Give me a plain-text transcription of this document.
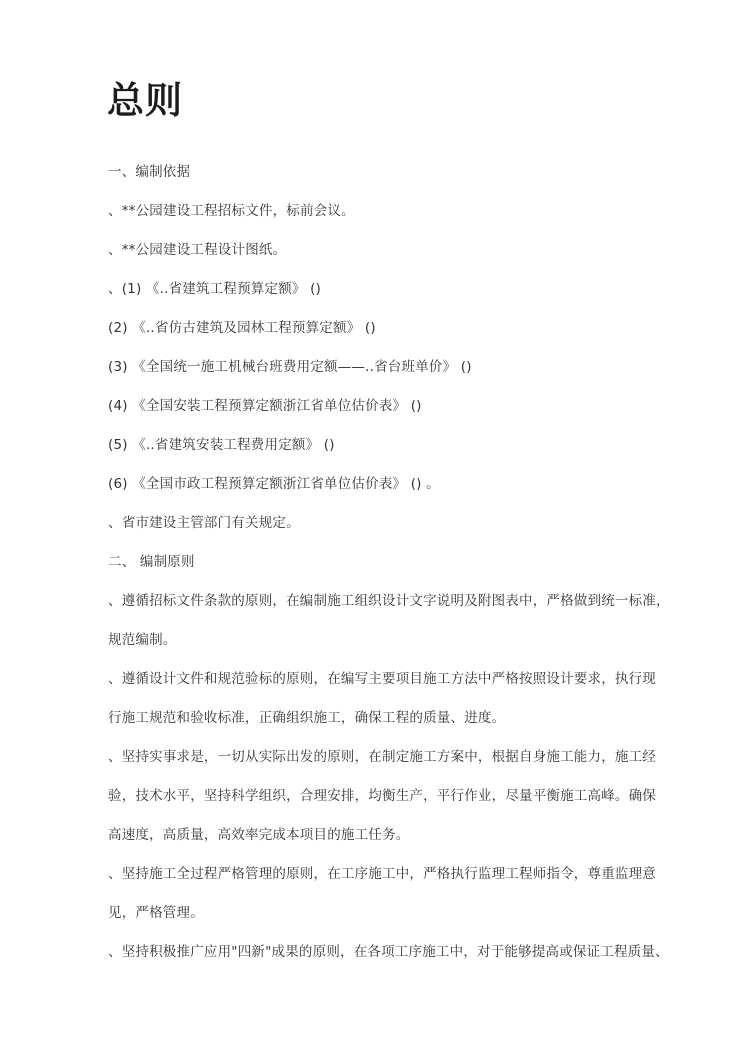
总则
一、编制依据
、**公园建设工程招标文件，标前会议。
、**公园建设工程设计图纸。
、(1) 《..省建筑工程预算定额》 ()
(2) 《..省仿古建筑及园林工程预算定额》 ()
(3) 《全国统一施工机械台班费用定额——..省台班单价》 ()
(4) 《全国安装工程预算定额浙江省单位估价表》 ()
(5) 《..省建筑安装工程费用定额》 ()
(6) 《全国市政工程预算定额浙江省单位估价表》 () 。
、省市建设主管部门有关规定。
二、 编制原则
、遵循招标文件条款的原则，在编制施工组织设计文字说明及附图表中，严格做到统一标准，
规范编制。
、遵循设计文件和规范验标的原则，在编写主要项目施工方法中严格按照设计要求，执行现
行施工规范和验收标准，正确组织施工，确保工程的质量、进度。
、坚持实事求是，一切从实际出发的原则，在制定施工方案中，根据自身施工能力，施工经
验，技术水平，坚持科学组织，合理安排，均衡生产，平行作业，尽量平衡施工高峰。确保
高速度，高质量，高效率完成本项目的施工任务。
、坚持施工全过程严格管理的原则，在工序施工中，严格执行监理工程师指令，尊重监理意
见，严格管理。
、坚持积极推广应用"四新"成果的原则，在各项工序施工中，对于能够提高或保证工程质量、
